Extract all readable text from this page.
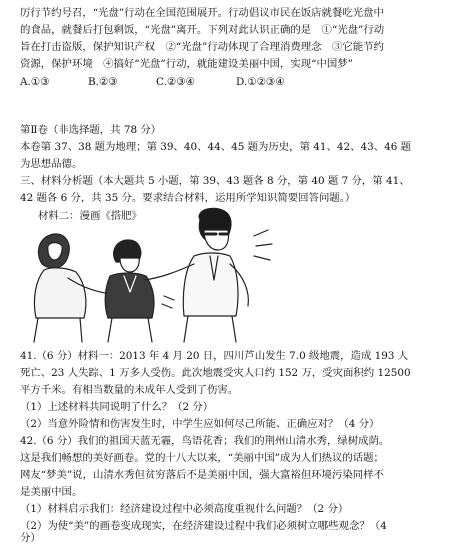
厉行节约号召，“光盘”行动在全国范围展开。行动倡议市民在饭店就餐吃光盘中
的食品，就餐后打包剩饭，“光盘”离开。下列对此认识正确的是　①“光盘”行动
旨在打击盗版，保护知识产权　②“光盘”行动体现了合理消费理念　③它能节约
资源，保护环境　④搞好“光盘”行动，就能建设美丽中国，实现“中国梦”
A.①③	B.②③	C.②③④	D.①②③④
第Ⅱ卷（非选择题，共 78 分）
本卷第 37、38 题为地理；第 39、40、44、45 题为历史，第 41、42、43、46 题
为思想品德。
三、材料分析题（本大题共 5 小题，第 39、43 题各 8 分，第 40 题 7 分，第 41、
42 题各 6 分，共 35 分。要求结合材料，运用所学知识简要回答问题。）
材料二：漫画《搭肥》
41.（6 分）材料一：2013 年 4 月 20 日，四川芦山发生 7.0 级地震，造成 193 人
死亡、23 人失踪、1 万多人受伤。此次地震受灾人口约 152 万，受灾面积约 12500
平方千米。有相当数量的未成年人受到了伤害。
（1）上述材料共同说明了什么？（2 分）
（2）当意外险情和伤害发生时，中学生应如何尽己所能、正确应对？（4 分）
42.（6 分）我们的祖国天蓝无霾，鸟语花香；我们的荆州山清水秀，绿树成荫。
这是我们畅想的美好画卷。党的十八大以来，“美丽中国”成为人们热议的话题；
网友“梦美”说，山清水秀但贫穷落后不是美丽中国，强大富裕但环境污染同样不
是美丽中国。
（1）材料启示我们：经济建设过程中必须高度重视什么问题？（2 分）
（2）为使“美”的画卷变成现实，在经济建设过程中我们必须树立哪些观念？（4
分）
